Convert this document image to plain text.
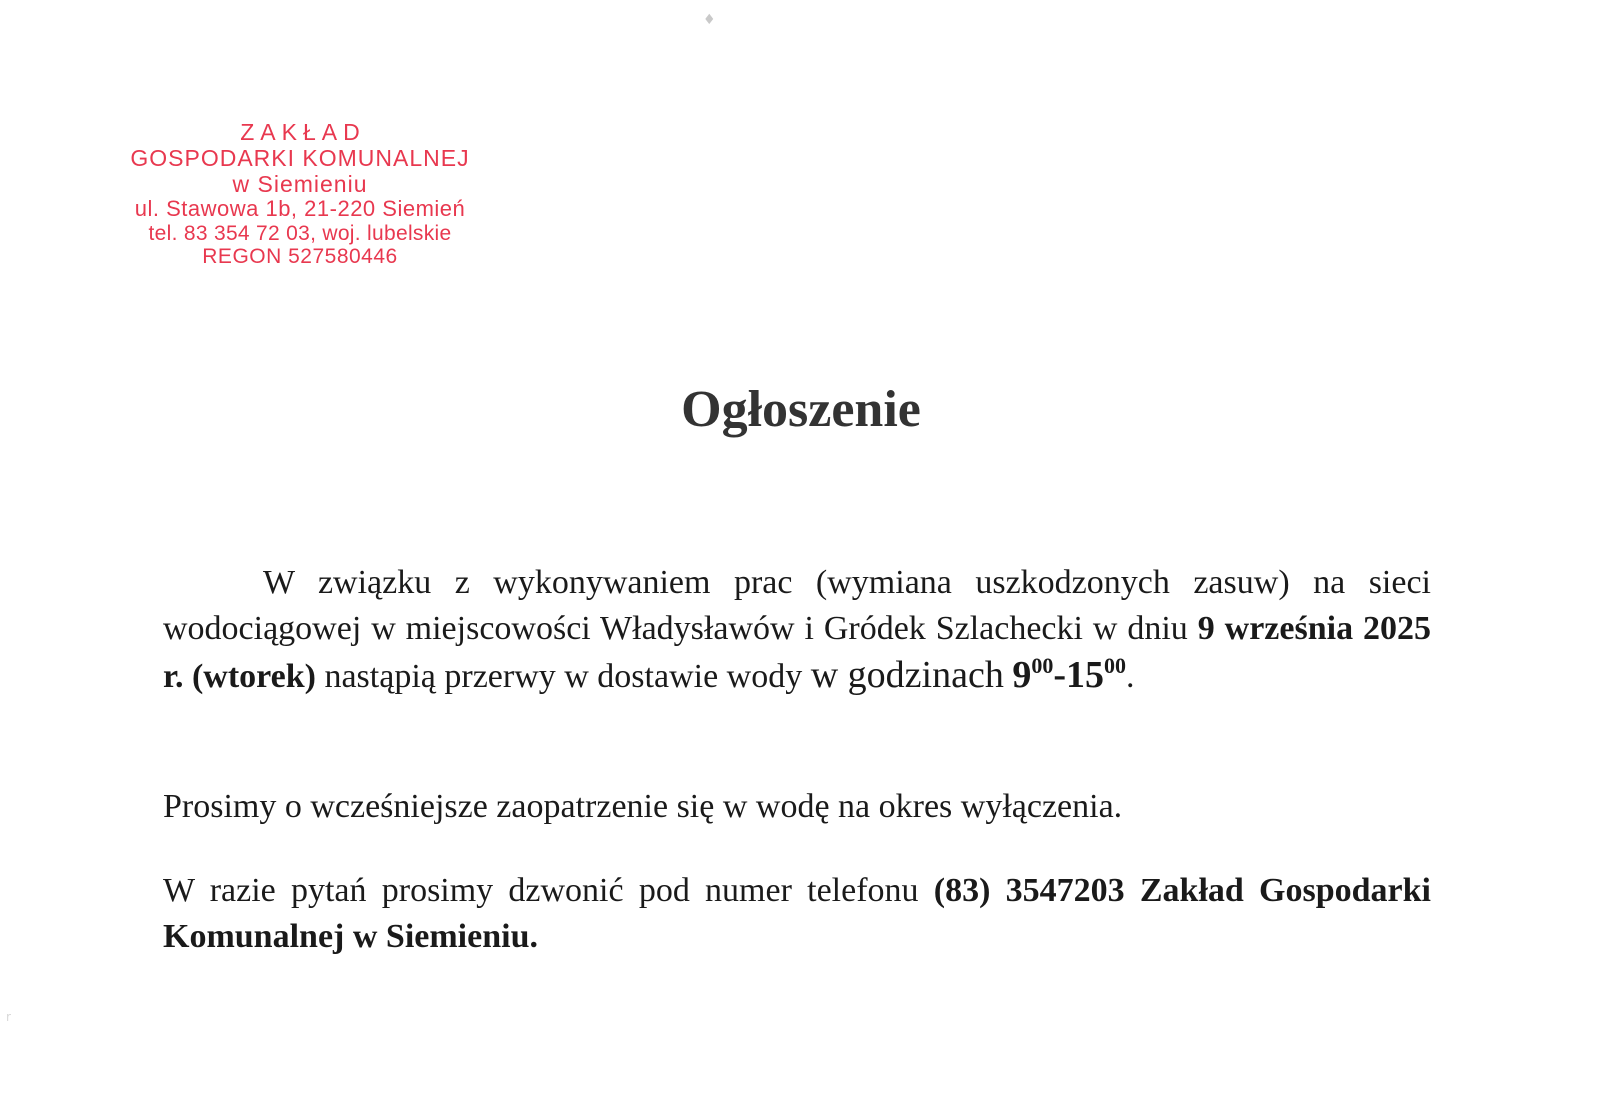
♦
r
ZAKŁAD
GOSPODARKI KOMUNALNEJ
w Siemieniu
ul. Stawowa 1b, 21-220 Siemień
tel. 83 354 72 03, woj. lubelskie
REGON 527580446
Ogłoszenie

W związku z wykonywaniem prac (wymiana uszkodzonych zasuw) na sieci wodociągowej w miejscowości Władysławów i Gródek Szlachecki w dniu 9 września 2025 r. (wtorek) nastąpią przerwy w dostawie wody w godzinach $9^{00}-15^{00}$.

Prosimy o wcześniejsze zaopatrzenie się w wodę na okres wyłączenia.

W razie pytań prosimy dzwonić pod numer telefonu (83) 3547203 Zakład Gospodarki Komunalnej w Siemieniu.
